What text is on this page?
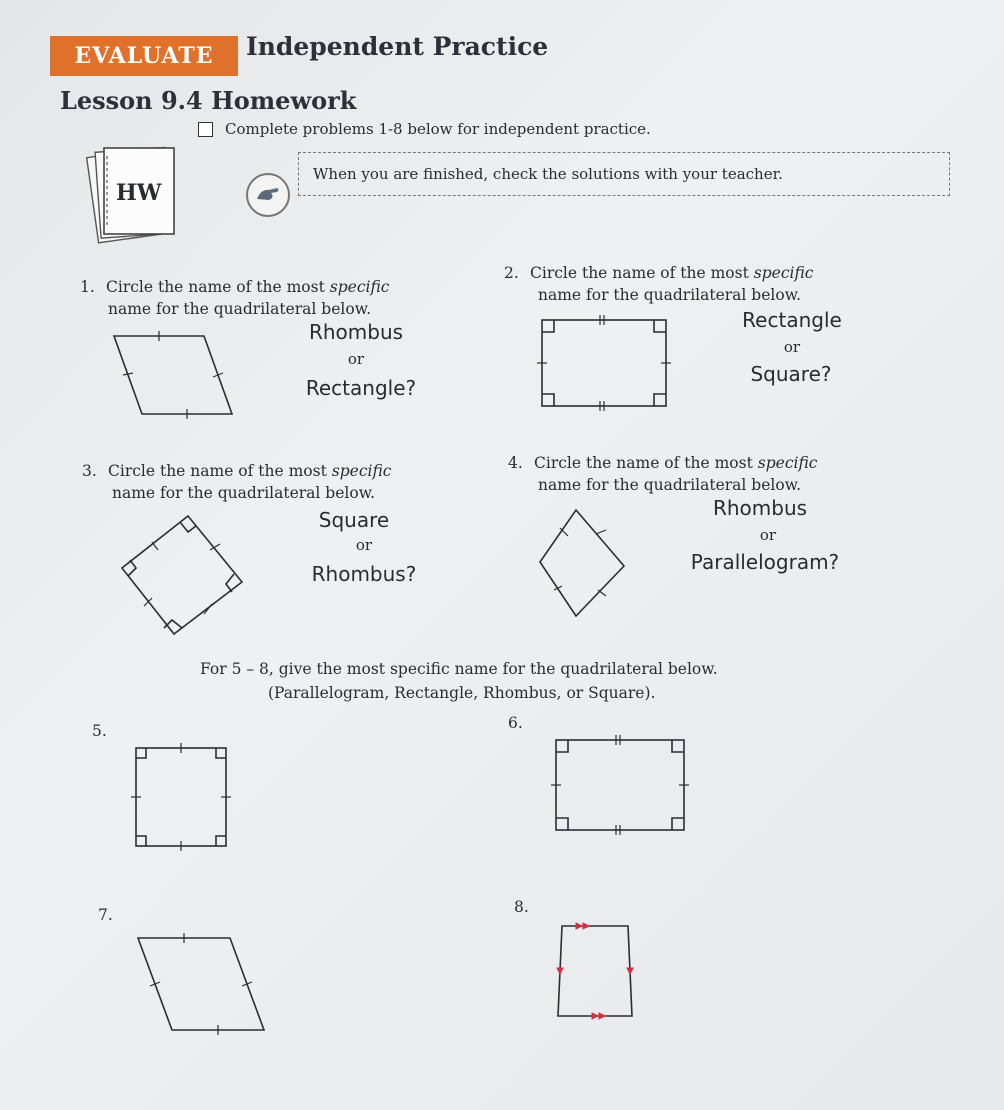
EVALUATE	Independent Practice
Lesson 9.4 Homework
Complete problems 1-8 below for independent practice.
HW
When you are finished, check the solutions with your teacher.
1. Circle the name of the most specific
name for the quadrilateral below.
Rhombus
or
Rectangle?
2. Circle the name of the most specific
name for the quadrilateral below.
Rectangle
or
Square?
3. Circle the name of the most specific
name for the quadrilateral below.
Square
or
Rhombus?
4. Circle the name of the most specific
name for the quadrilateral below.
Rhombus
or
Parallelogram?
For 5 – 8, give the most specific name for the quadrilateral below.
(Parallelogram, Rectangle, Rhombus, or Square).
5.	6.
7.	8.
